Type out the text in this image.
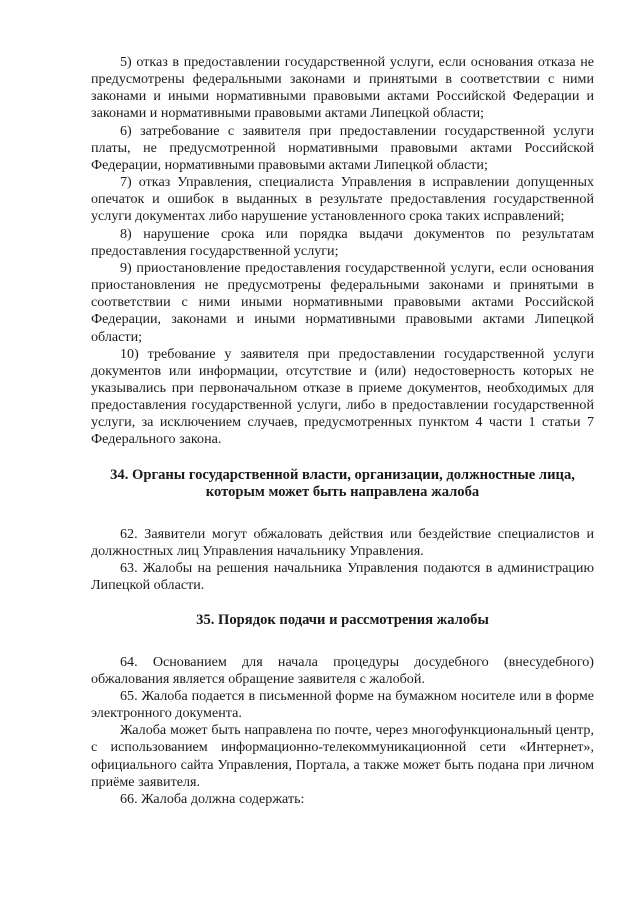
5) отказ в предоставлении государственной услуги, если основания отказа не предусмотрены федеральными законами и принятыми в соответствии с ними законами и иными нормативными правовыми актами Российской Федерации и законами и нормативными правовыми актами Липецкой области;

6) затребование с заявителя при предоставлении государственной услуги платы, не предусмотренной нормативными правовыми актами Российской Федерации, нормативными правовыми актами Липецкой области;

7) отказ Управления, специалиста Управления в исправлении допущенных опечаток и ошибок в выданных в результате предоставления государственной услуги документах либо нарушение установленного срока таких исправлений;

8) нарушение срока или порядка выдачи документов по результатам предоставления государственной услуги;

9) приостановление предоставления государственной услуги, если основания приостановления не предусмотрены федеральными законами и принятыми в соответствии с ними иными нормативными правовыми актами Российской Федерации, законами и иными нормативными правовыми актами Липецкой области;

10) требование у заявителя при предоставлении государственной услуги документов или информации, отсутствие и (или) недостоверность которых не указывались при первоначальном отказе в приеме документов, необходимых для предоставления государственной услуги, либо в предоставлении государственной услуги, за исключением случаев, предусмотренных пунктом 4 части 1 статьи 7 Федерального закона.

34. Органы государственной власти, организации, должностные лица, которым может быть направлена жалоба

62. Заявители могут обжаловать действия или бездействие специалистов и должностных лиц Управления начальнику Управления.

63. Жалобы на решения начальника Управления подаются в администрацию Липецкой области.

35. Порядок подачи и рассмотрения жалобы

64. Основанием для начала процедуры досудебного (внесудебного) обжалования является обращение заявителя с жалобой.

65. Жалоба подается в письменной форме на бумажном носителе или в форме электронного документа.

Жалоба может быть направлена по почте, через многофункциональный центр, с использованием информационно-телекоммуникационной сети «Интернет», официального сайта Управления, Портала, а также может быть подана при личном приёме заявителя.

66. Жалоба должна содержать:
